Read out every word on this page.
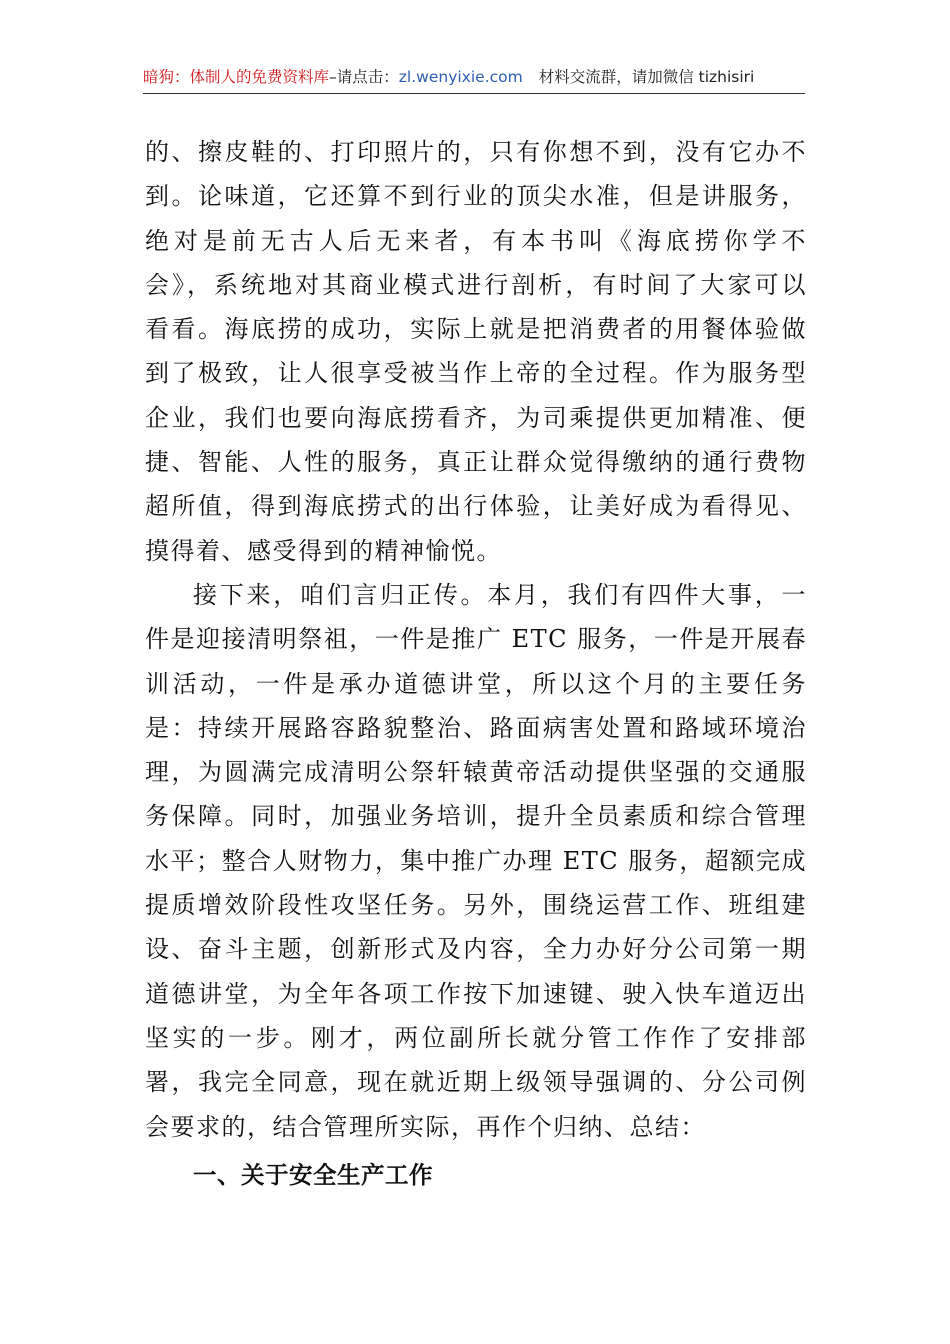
暗狗：体制人的免费资料库–请点击：zl.wenyixie.com 材料交流群，请加微信 tizhisiri

的、擦皮鞋的、打印照片的，只有你想不到，没有它办不
到。论味道，它还算不到行业的顶尖水准，但是讲服务，
绝对是前无古人后无来者，有本书叫《海底捞你学不
会》，系统地对其商业模式进行剖析，有时间了大家可以
看看。海底捞的成功，实际上就是把消费者的用餐体验做
到了极致，让人很享受被当作上帝的全过程。作为服务型
企业，我们也要向海底捞看齐，为司乘提供更加精准、便
捷、智能、人性的服务，真正让群众觉得缴纳的通行费物
超所值，得到海底捞式的出行体验，让美好成为看得见、
摸得着、感受得到的精神愉悦。

接下来，咱们言归正传。本月，我们有四件大事，一
件是迎接清明祭祖，一件是推广 ETC 服务，一件是开展春
训活动，一件是承办道德讲堂，所以这个月的主要任务
是：持续开展路容路貌整治、路面病害处置和路域环境治
理，为圆满完成清明公祭轩辕黄帝活动提供坚强的交通服
务保障。同时，加强业务培训，提升全员素质和综合管理
水平；整合人财物力，集中推广办理 ETC 服务，超额完成
提质增效阶段性攻坚任务。另外，围绕运营工作、班组建
设、奋斗主题，创新形式及内容，全力办好分公司第一期
道德讲堂，为全年各项工作按下加速键、驶入快车道迈出
坚实的一步。刚才，两位副所长就分管工作作了安排部
署，我完全同意，现在就近期上级领导强调的、分公司例
会要求的，结合管理所实际，再作个归纳、总结：

一、关于安全生产工作
